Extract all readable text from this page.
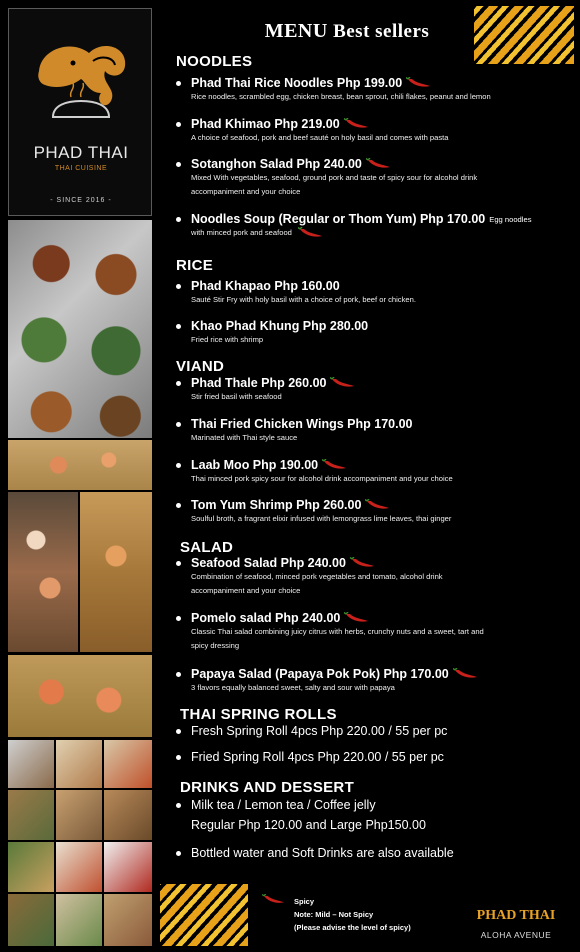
PHAD THAI
THAI CUISINE
- SINCE 2016 -
MENU Best sellers
NOODLES
Phad Thai Rice Noodles Php 199.00
Rice noodles, scrambled egg, chicken breast, bean sprout, chili flakes, peanut and lemon
Phad Khimao Php 219.00
A choice of seafood, pork and beef sauté on holy basil and comes with pasta
Sotanghon Salad Php 240.00
Mixed With vegetables, seafood, ground pork and taste of spicy sour for alcohol drink
accompaniment and your choice
Noodles Soup (Regular or Thom Yum) Php 170.00 Egg noodles
with minced pork and seafood
RICE
Phad Khapao Php 160.00
Sauté Stir Fry with holy basil with a choice of pork, beef or chicken.
Khao Phad Khung Php 280.00
Fried rice with shrimp
VIAND
Phad Thale Php 260.00
Stir fried basil with seafood
Thai Fried Chicken Wings Php 170.00
Marinated with Thai style sauce
Laab Moo Php 190.00
Thai minced pork spicy sour for alcohol drink accompaniment and your choice
Tom Yum Shrimp Php 260.00
Soulful broth, a fragrant elixir infused with lemongrass lime leaves, thai ginger
SALAD
Seafood Salad Php 240.00
Combination of seafood, minced pork vegetables and tomato, alcohol drink
accompaniment and your choice
Pomelo salad Php 240.00
Classic Thai salad combining juicy citrus with herbs, crunchy nuts and a sweet, tart and
spicy dressing
Papaya Salad (Papaya Pok Pok) Php 170.00
3 flavors equally balanced sweet, salty and sour with papaya
THAI SPRING ROLLS
Fresh Spring Roll 4pcs Php 220.00 / 55 per pc
Fried Spring Roll 4pcs Php 220.00 / 55 per pc
DRINKS AND DESSERT
Milk tea / Lemon tea / Coffee jelly
Regular Php 120.00 and Large Php150.00
Bottled water and Soft Drinks are also available
Spicy
Note: Mild – Not Spicy
(Please advise the level of spicy)
PHAD THAI
ALOHA AVENUE
